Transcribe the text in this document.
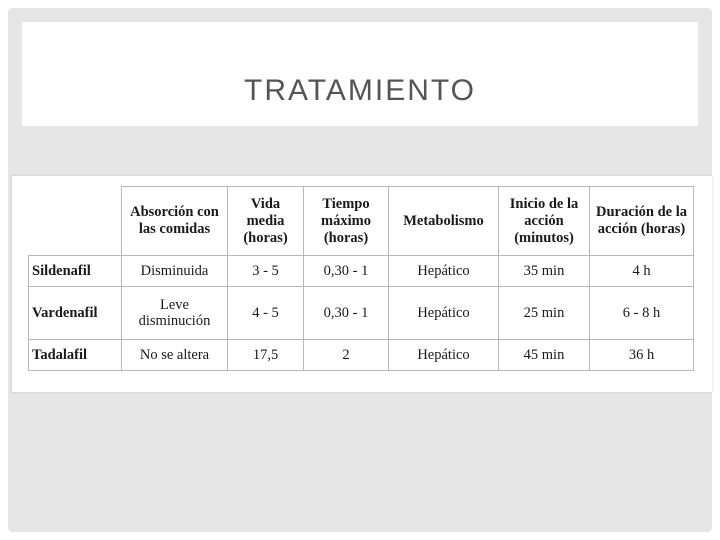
TRATAMIENTO
	Absorción con las comidas	Vida media (horas)	Tiempo máximo (horas)	Metabolismo	Inicio de la acción (minutos)	Duración de la acción (horas)
Sildenafil	Disminuida	3 - 5	0,30 - 1	Hepático	35 min	4 h
Vardenafil	Leve disminución	4 - 5	0,30 - 1	Hepático	25 min	6 - 8 h
Tadalafil	No se altera	17,5	2	Hepático	45 min	36 h
